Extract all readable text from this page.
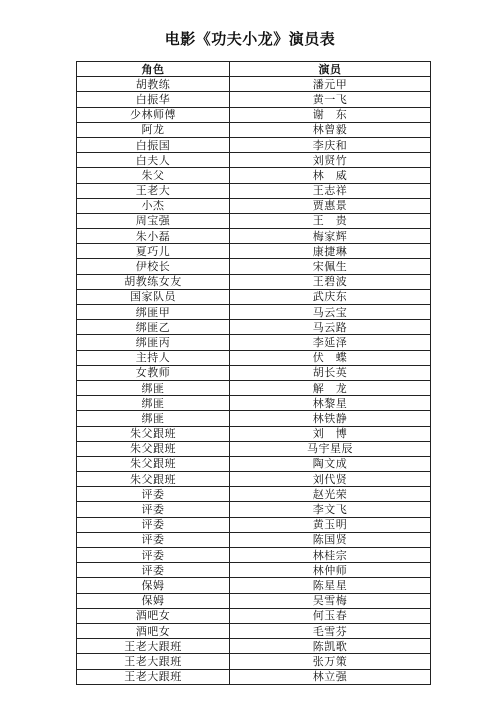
电影《功夫小龙》演员表
角色	演员
胡教练	潘元甲
白振华	黄一飞
少林师傅	谢　东
阿龙	林曾毅
白振国	李庆和
白夫人	刘贤竹
朱父	林　威
王老大	王志祥
小杰	贾惠景
周宝强	王　贵
朱小磊	梅家辉
夏巧儿	康捷琳
伊校长	宋佩生
胡教练女友	王碧波
国家队员	武庆东
绑匪甲	马云宝
绑匪乙	马云路
绑匪丙	李延泽
主持人	伏　蝶
女教师	胡长英
绑匪	解　龙
绑匪	林黎星
绑匪	林铁静
朱父跟班	刘　博
朱父跟班	马宇星辰
朱父跟班	陶文成
朱父跟班	刘代贤
评委	赵光荣
评委	李文飞
评委	黄玉明
评委	陈国贤
评委	林桂宗
评委	林仲师
保姆	陈星星
保姆	吴雪梅
酒吧女	何玉春
酒吧女	毛雪芬
王老大跟班	陈凯歌
王老大跟班	张万策
王老大跟班	林立强
